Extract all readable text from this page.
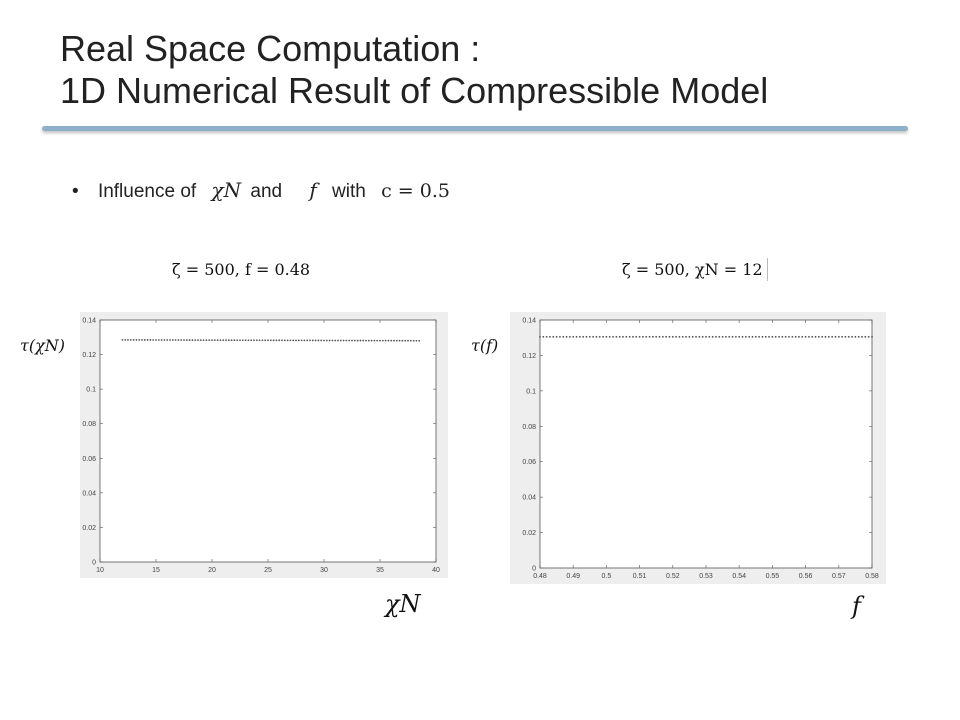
Real Space Computation :
1D Numerical Result of Compressible Model
• Influence of χN and f with c = 0.5
ζ = 500, f = 0.48
τ(χN)
0
0.02
0.04
0.06
0.08
0.1
0.12
0.14
10	15	20	25	30	35	40
χN
ζ = 500, χN = 12
τ(f)
0
0.02
0.04
0.06
0.08
0.1
0.12
0.14
0.48	0.49	0.5	0.51	0.52	0.53	0.54	0.55	0.56	0.57	0.58
f
